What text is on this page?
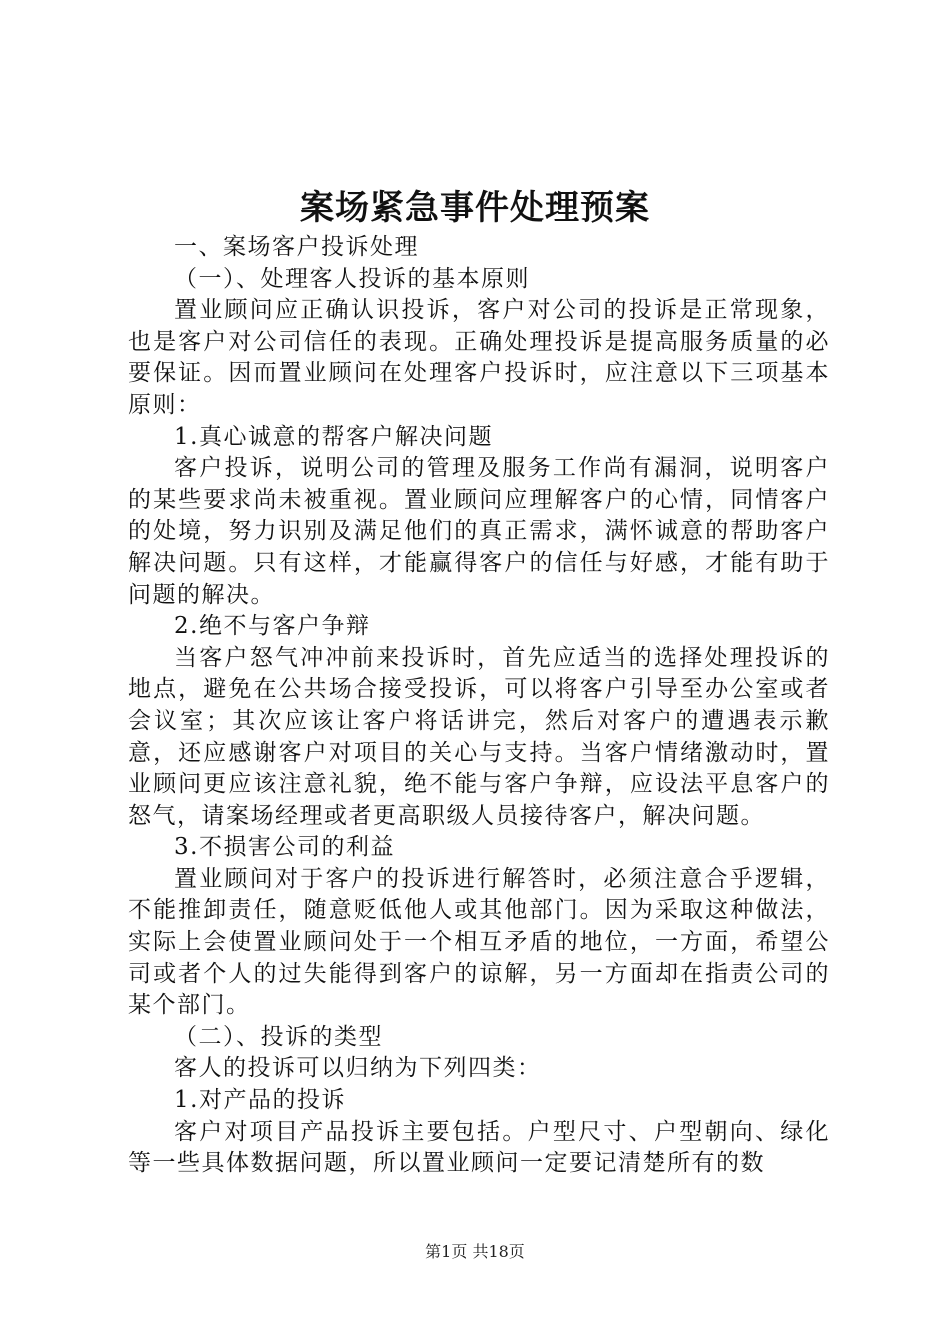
案场紧急事件处理预案

一、案场客户投诉处理

（一）、处理客人投诉的基本原则

置业顾问应正确认识投诉，客户对公司的投诉是正常现象，也是客户对公司信任的表现。正确处理投诉是提高服务质量的必要保证。因而置业顾问在处理客户投诉时，应注意以下三项基本原则：

1.真心诚意的帮客户解决问题

客户投诉，说明公司的管理及服务工作尚有漏洞，说明客户的某些要求尚未被重视。置业顾问应理解客户的心情，同情客户的处境，努力识别及满足他们的真正需求，满怀诚意的帮助客户解决问题。只有这样，才能赢得客户的信任与好感，才能有助于问题的解决。

2.绝不与客户争辩

当客户怒气冲冲前来投诉时，首先应适当的选择处理投诉的地点，避免在公共场合接受投诉，可以将客户引导至办公室或者会议室；其次应该让客户将话讲完，然后对客户的遭遇表示歉意，还应感谢客户对项目的关心与支持。当客户情绪激动时，置业顾问更应该注意礼貌，绝不能与客户争辩，应设法平息客户的怒气，请案场经理或者更高职级人员接待客户，解决问题。

3.不损害公司的利益

置业顾问对于客户的投诉进行解答时，必须注意合乎逻辑，不能推卸责任，随意贬低他人或其他部门。因为采取这种做法，实际上会使置业顾问处于一个相互矛盾的地位，一方面，希望公司或者个人的过失能得到客户的谅解，另一方面却在指责公司的某个部门。

（二）、投诉的类型

客人的投诉可以归纳为下列四类：

1.对产品的投诉

客户对项目产品投诉主要包括。户型尺寸、户型朝向、绿化等一些具体数据问题，所以置业顾问一定要记清楚所有的数

第1页 共18页
